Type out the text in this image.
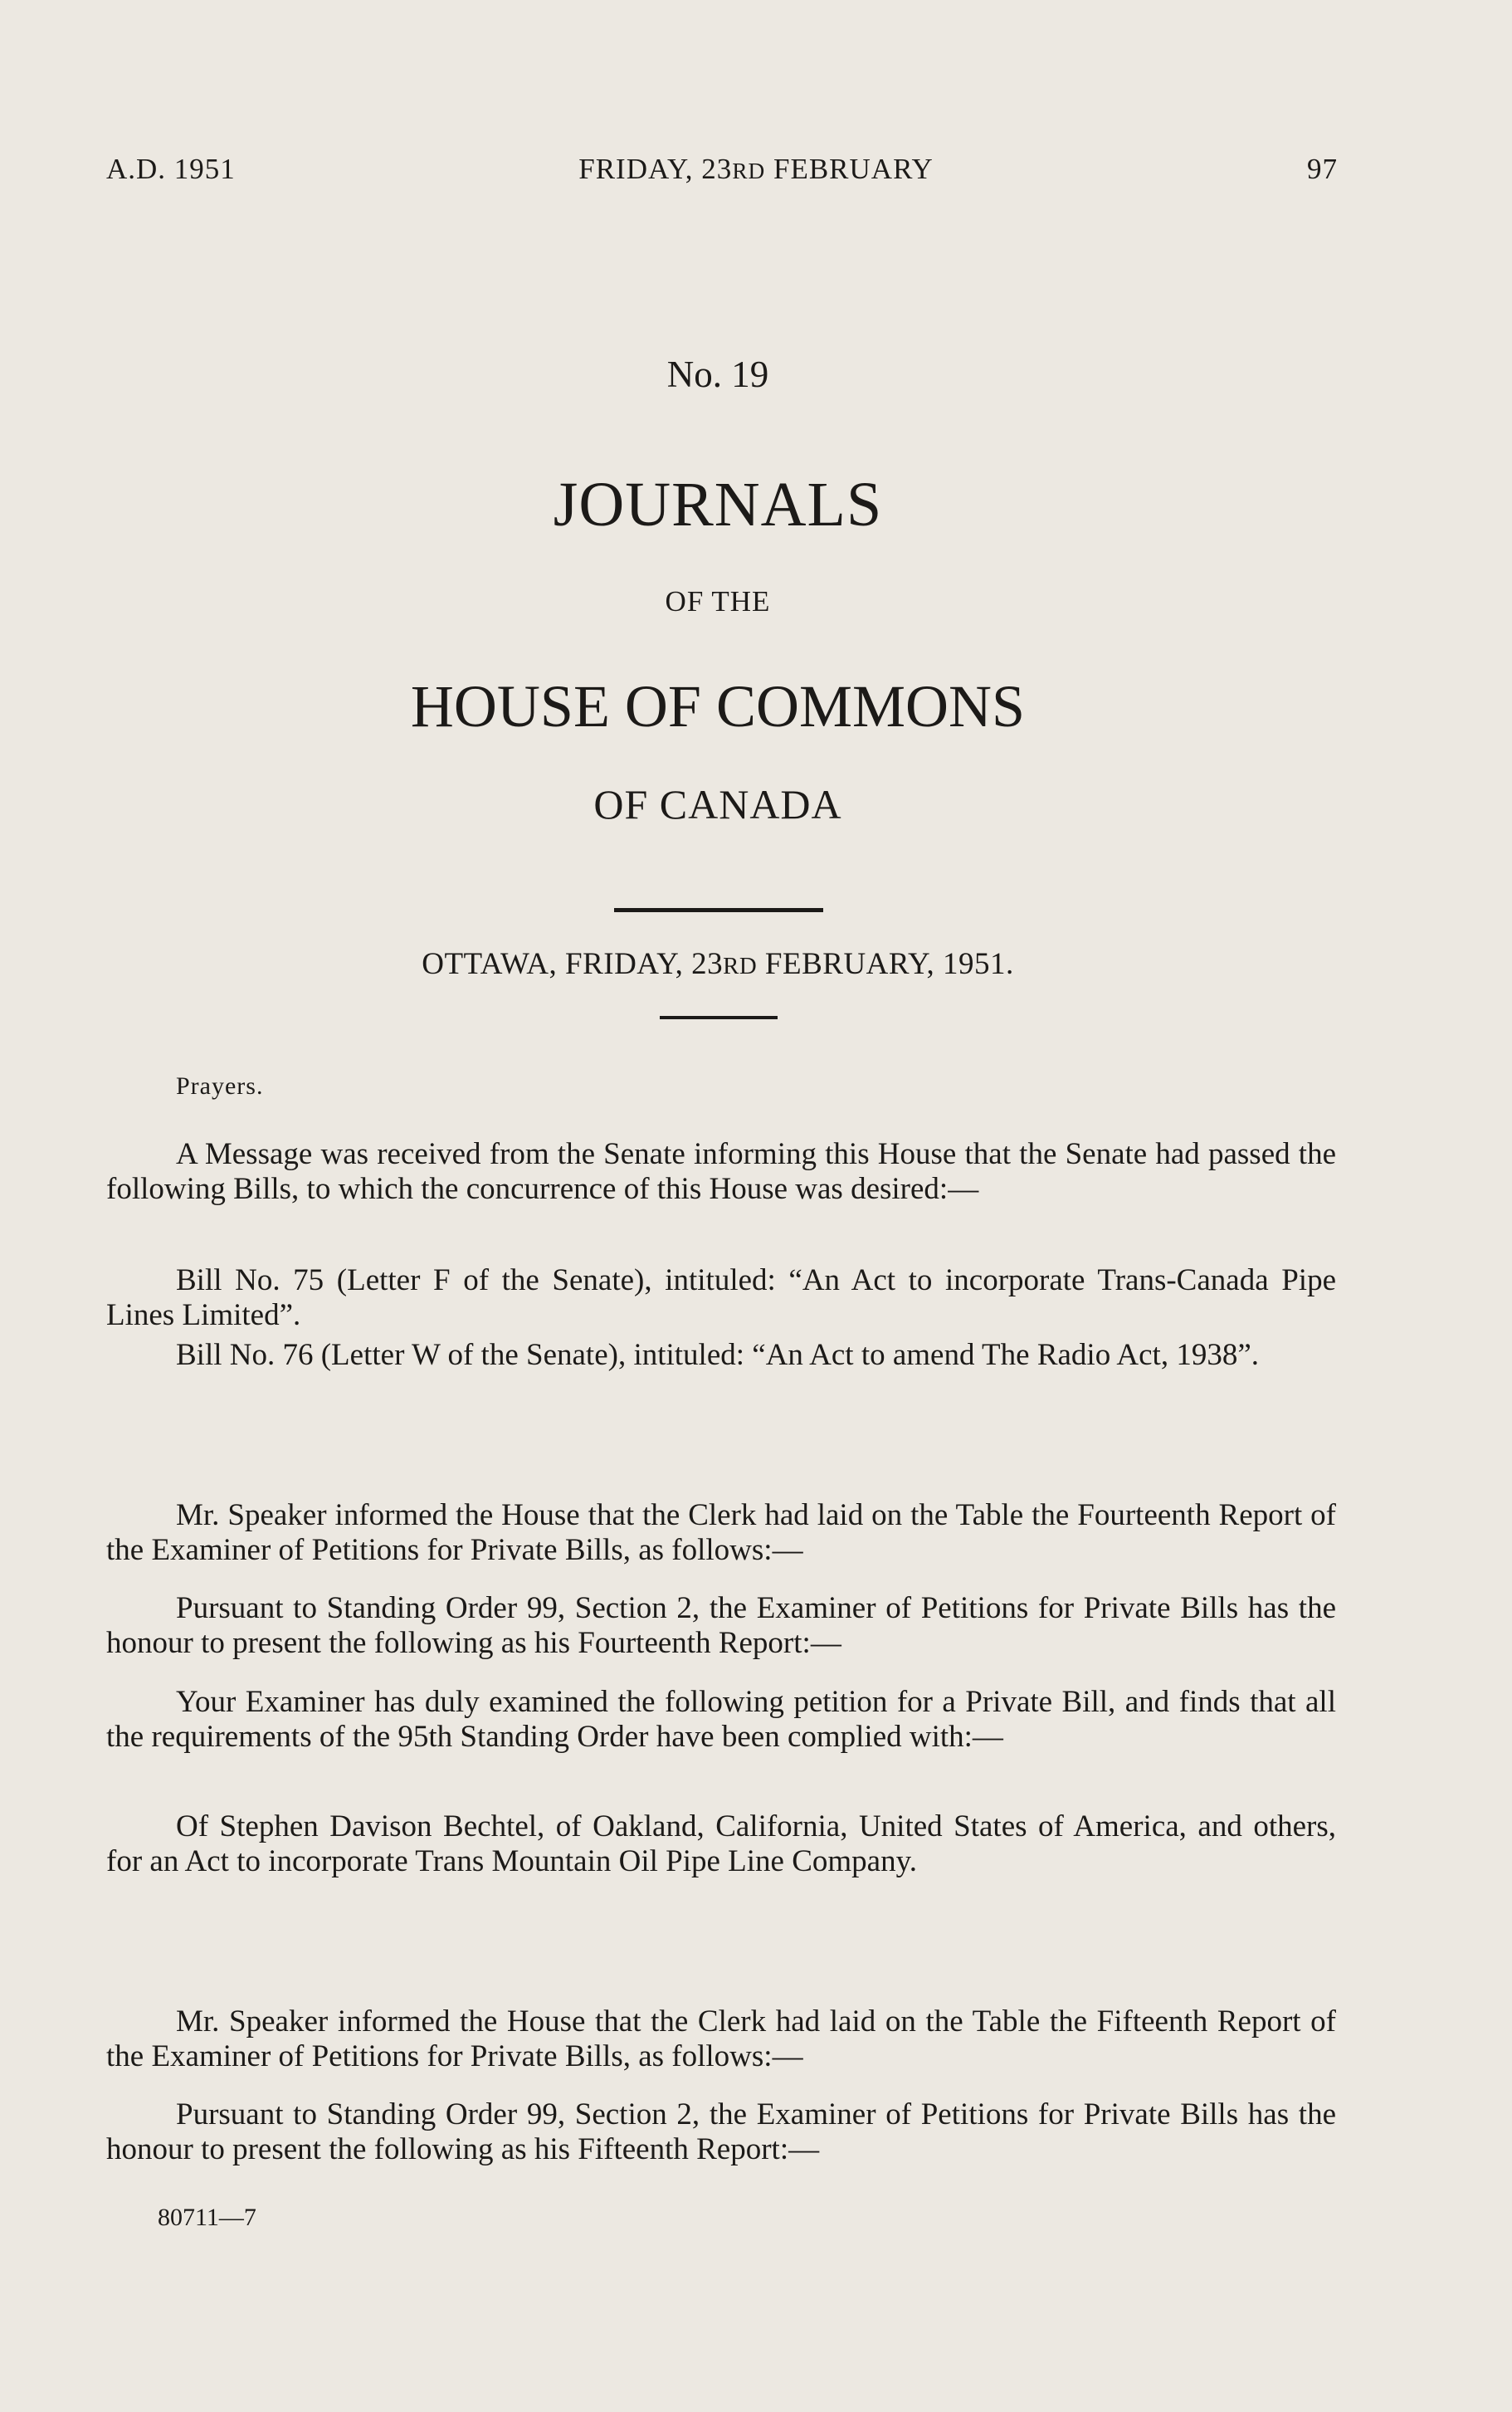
A.D. 1951	FRIDAY, 23RD FEBRUARY	97
No. 19
JOURNALS
OF THE
HOUSE OF COMMONS
OF CANADA
OTTAWA, FRIDAY, 23RD FEBRUARY, 1951.
Prayers.
A Message was received from the Senate informing this House that the Senate had passed the following Bills, to which the concurrence of this House was desired:—
Bill No. 75 (Letter F of the Senate), intituled: “An Act to incorporate Trans-Canada Pipe Lines Limited”.
Bill No. 76 (Letter W of the Senate), intituled: “An Act to amend The Radio Act, 1938”.
Mr. Speaker informed the House that the Clerk had laid on the Table the Fourteenth Report of the Examiner of Petitions for Private Bills, as follows:—
Pursuant to Standing Order 99, Section 2, the Examiner of Petitions for Private Bills has the honour to present the following as his Fourteenth Report:—
Your Examiner has duly examined the following petition for a Private Bill, and finds that all the requirements of the 95th Standing Order have been complied with:—
Of Stephen Davison Bechtel, of Oakland, California, United States of America, and others, for an Act to incorporate Trans Mountain Oil Pipe Line Company.
Mr. Speaker informed the House that the Clerk had laid on the Table the Fifteenth Report of the Examiner of Petitions for Private Bills, as follows:—
Pursuant to Standing Order 99, Section 2, the Examiner of Petitions for Private Bills has the honour to present the following as his Fifteenth Report:—
80711—7
